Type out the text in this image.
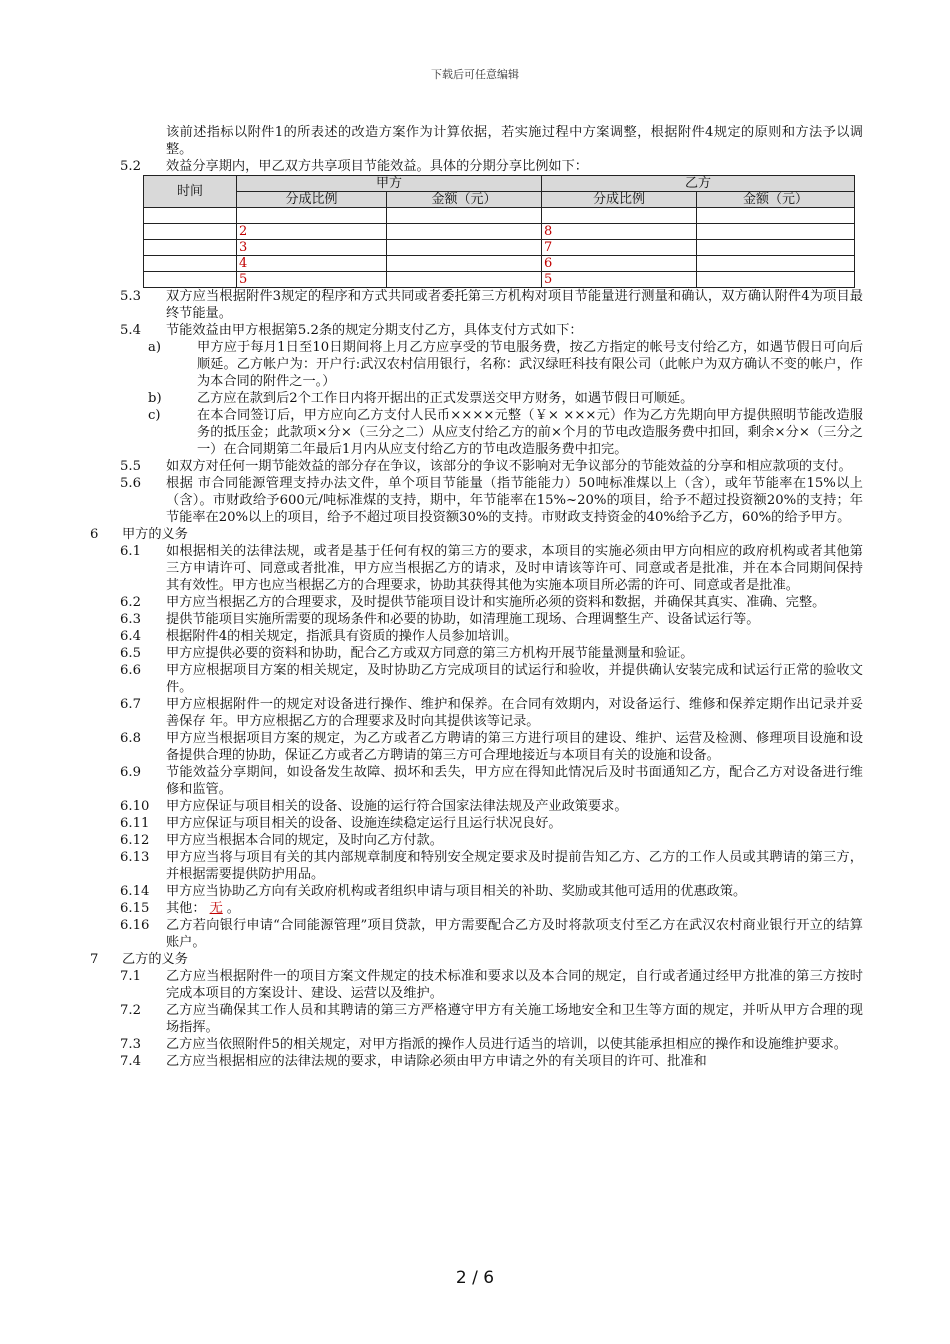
下载后可任意编辑
该前述指标以附件1的所表述的改造方案作为计算依据，若实施过程中方案调整，根据附件4规定的原则和方法予以调整。
5.2 效益分享期内，甲乙双方共享项目节能效益。具体的分期分享比例如下：
时间	甲方		乙方	
	分成比例	金额（元）	分成比例	金额（元）

	2		8	
	3		7	
	4		6	
	5		5	
5.3 双方应当根据附件3规定的程序和方式共同或者委托第三方机构对项目节能量进行测量和确认，双方确认附件4为项目最终节能量。
5.4 节能效益由甲方根据第5.2条的规定分期支付乙方，具体支付方式如下：
a)	甲方应于每月1日至10日期间将上月乙方应享受的节电服务费，按乙方指定的帐号支付给乙方，如遇节假日可向后顺延。乙方帐户为：开户行:武汉农村信用银行，名称：武汉绿旺科技有限公司（此帐户为双方确认不变的帐户，作为本合同的附件之一。）
b)	乙方应在款到后2个工作日内将开据出的正式发票送交甲方财务，如遇节假日可顺延。
c)	在本合同签订后，甲方应向乙方支付人民币××××元整（￥× ×××元）作为乙方先期向甲方提供照明节能改造服务的抵压金；此款项×分×（三分之二）从应支付给乙方的前×个月的节电改造服务费中扣回，剩余×分×（三分之一）在合同期第二年最后1月内从应支付给乙方的节电改造服务费中扣完。
5.5 如双方对任何一期节能效益的部分存在争议，该部分的争议不影响对无争议部分的节能效益的分享和相应款项的支付。
5.6 根据 市合同能源管理支持办法文件，单个项目节能量（指节能能力）50吨标准煤以上（含），或年节能率在15%以上（含）。市财政给予600元/吨标准煤的支持，期中，年节能率在15%~20%的项目，给予不超过投资额20%的支持；年节能率在20%以上的项目，给予不超过项目投资额30%的支持。市财政支持资金的40%给予乙方，60%的给予甲方。
6 甲方的义务
6.1 如根据相关的法律法规，或者是基于任何有权的第三方的要求，本项目的实施必须由甲方向相应的政府机构或者其他第三方申请许可、同意或者批准，甲方应当根据乙方的请求，及时申请该等许可、同意或者是批准，并在本合同期间保持其有效性。甲方也应当根据乙方的合理要求，协助其获得其他为实施本项目所必需的许可、同意或者是批准。
6.2 甲方应当根据乙方的合理要求，及时提供节能项目设计和实施所必须的资料和数据，并确保其真实、准确、完整。
6.3 提供节能项目实施所需要的现场条件和必要的协助，如清理施工现场、合理调整生产、设备试运行等。
6.4 根据附件4的相关规定，指派具有资质的操作人员参加培训。
6.5 甲方应提供必要的资料和协助，配合乙方或双方同意的第三方机构开展节能量测量和验证。
6.6 甲方应根据项目方案的相关规定，及时协助乙方完成项目的试运行和验收，并提供确认安装完成和试运行正常的验收文件。
6.7 甲方应根据附件一的规定对设备进行操作、维护和保养。在合同有效期内，对设备运行、维修和保养定期作出记录并妥善保存 年。甲方应根据乙方的合理要求及时向其提供该等记录。
6.8 甲方应当根据项目方案的规定，为乙方或者乙方聘请的第三方进行项目的建设、维护、运营及检测、修理项目设施和设备提供合理的协助，保证乙方或者乙方聘请的第三方可合理地接近与本项目有关的设施和设备。
6.9 节能效益分享期间，如设备发生故障、损坏和丢失，甲方应在得知此情况后及时书面通知乙方，配合乙方对设备进行维修和监管。
6.10 甲方应保证与项目相关的设备、设施的运行符合国家法律法规及产业政策要求。
6.11 甲方应保证与项目相关的设备、设施连续稳定运行且运行状况良好。
6.12 甲方应当根据本合同的规定，及时向乙方付款。
6.13 甲方应当将与项目有关的其内部规章制度和特别安全规定要求及时提前告知乙方、乙方的工作人员或其聘请的第三方，并根据需要提供防护用品。
6.14 甲方应当协助乙方向有关政府机构或者组织申请与项目相关的补助、奖励或其他可适用的优惠政策。
6.15 其他： 无 。
6.16 乙方若向银行申请“合同能源管理”项目贷款，甲方需要配合乙方及时将款项支付至乙方在武汉农村商业银行开立的结算账户。
7 乙方的义务
7.1 乙方应当根据附件一的项目方案文件规定的技术标准和要求以及本合同的规定，自行或者通过经甲方批准的第三方按时完成本项目的方案设计、建设、运营以及维护。
7.2 乙方应当确保其工作人员和其聘请的第三方严格遵守甲方有关施工场地安全和卫生等方面的规定，并听从甲方合理的现场指挥。
7.3 乙方应当依照附件5的相关规定，对甲方指派的操作人员进行适当的培训，以使其能承担相应的操作和设施维护要求。
7.4 乙方应当根据相应的法律法规的要求，申请除必须由甲方申请之外的有关项目的许可、批准和
2 / 6
